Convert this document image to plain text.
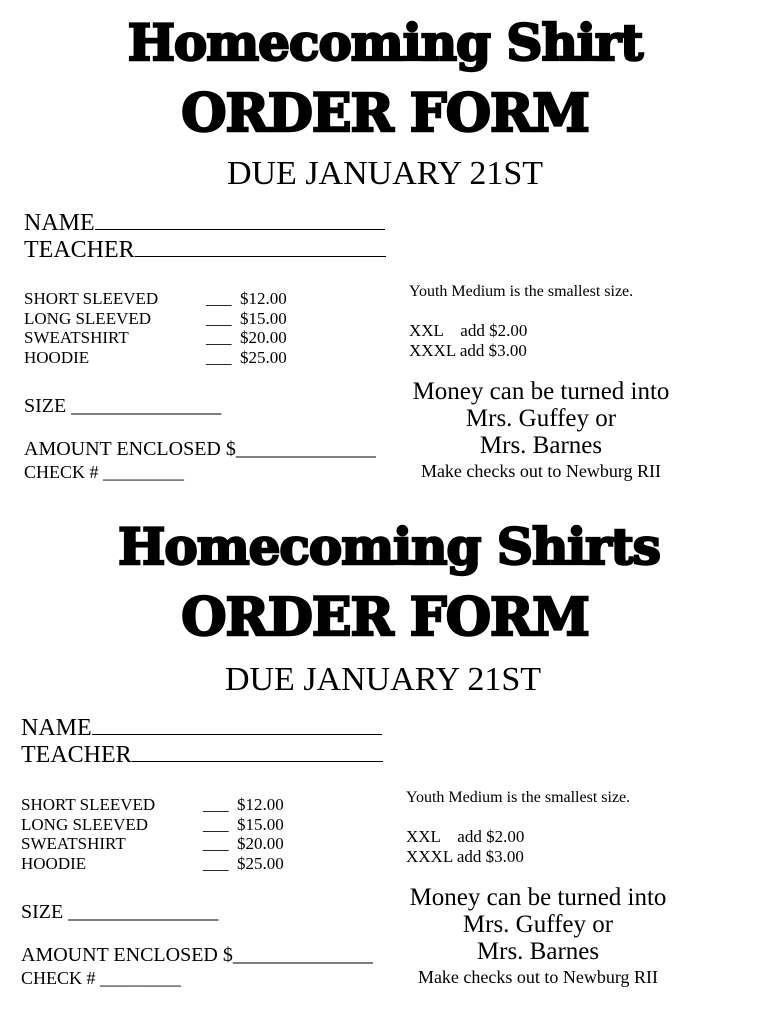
Homecoming Shirt
ORDER FORM
DUE JANUARY 21ST
NAME
TEACHER
SHORT SLEEVED	___ $12.00
LONG SLEEVED	___ $15.00
SWEATSHIRT	___ $20.00
HOODIE	___ $25.00
SIZE _______________
AMOUNT ENCLOSED $______________
CHECK # _________
Youth Medium is the smallest size.
XXL    add $2.00
XXXL add $3.00
Money can be turned into
Mrs. Guffey or
Mrs. Barnes
Make checks out to Newburg RII
Homecoming Shirts
ORDER FORM
DUE JANUARY 21ST
NAME
TEACHER
SHORT SLEEVED	___ $12.00
LONG SLEEVED	___ $15.00
SWEATSHIRT	___ $20.00
HOODIE	___ $25.00
SIZE _______________
AMOUNT ENCLOSED $______________
CHECK # _________
Youth Medium is the smallest size.
XXL    add $2.00
XXXL add $3.00
Money can be turned into
Mrs. Guffey or
Mrs. Barnes
Make checks out to Newburg RII
